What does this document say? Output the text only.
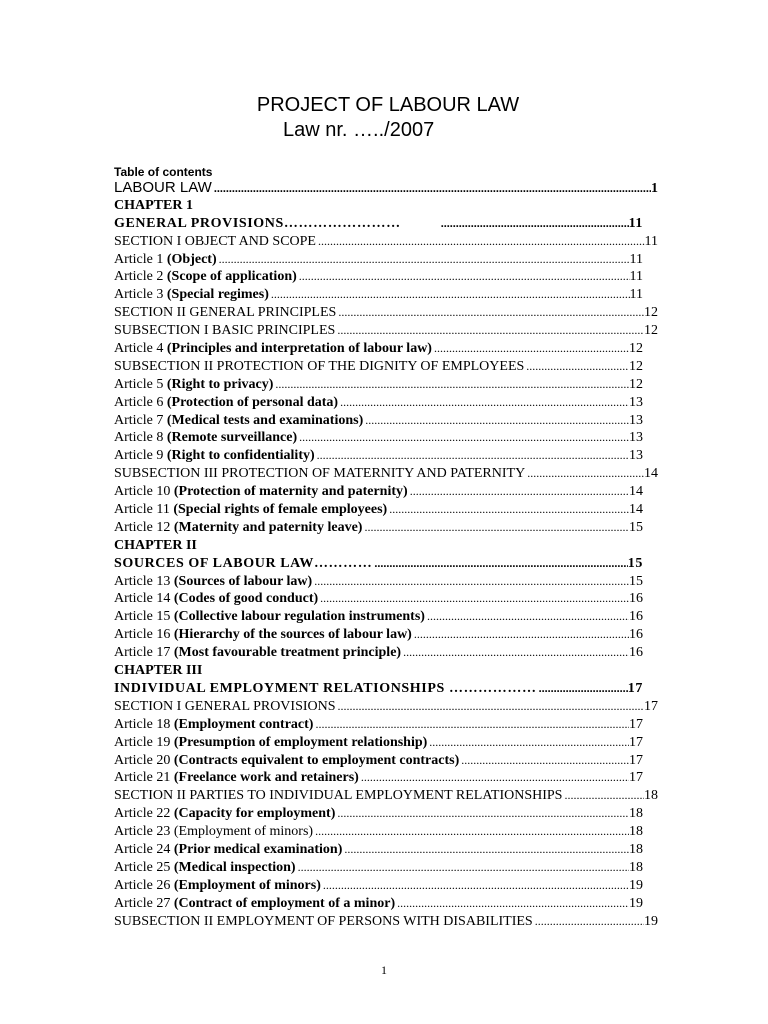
PROJECT OF LABOUR LAW
Law nr. …../2007
Table of contents
LABOUR LAW .....	1
CHAPTER 1
GENERAL PROVISIONS…………………… .....	11
SECTION I OBJECT AND SCOPE .....	11
Article 1 (Object) .....	11
Article 2 (Scope of application) .....	11
Article 3 (Special regimes) .....	11
SECTION II GENERAL PRINCIPLES .....	12
SUBSECTION I BASIC PRINCIPLES .....	12
Article 4 (Principles and interpretation of labour law) .....	12
SUBSECTION II PROTECTION OF THE DIGNITY OF EMPLOYEES .....	12
Article 5 (Right to privacy) .....	12
Article 6 (Protection of personal data) .....	13
Article 7 (Medical tests and examinations) .....	13
Article 8 (Remote surveillance) .....	13
Article 9 (Right to confidentiality) .....	13
SUBSECTION III PROTECTION OF MATERNITY AND PATERNITY .....	14
Article 10 (Protection of maternity and paternity) .....	14
Article 11 (Special rights of female employees) .....	14
Article 12 (Maternity and paternity leave) .....	15
CHAPTER II
SOURCES OF LABOUR LAW………… .....	15
Article 13 (Sources of labour law) .....	15
Article 14 (Codes of good conduct) .....	16
Article 15 (Collective labour regulation instruments) .....	16
Article 16 (Hierarchy of the sources of labour law) .....	16
Article 17 (Most favourable treatment principle) .....	16
CHAPTER III
INDIVIDUAL EMPLOYMENT RELATIONSHIPS ……………… .....	17
SECTION I GENERAL PROVISIONS .....	17
Article 18 (Employment contract) .....	17
Article 19 (Presumption of employment relationship) .....	17
Article 20 (Contracts equivalent to employment contracts) .....	17
Article 21 (Freelance work and retainers) .....	17
SECTION II PARTIES TO INDIVIDUAL EMPLOYMENT RELATIONSHIPS .....	18
Article 22 (Capacity for employment) .....	18
Article 23 (Employment of minors) .....	18
Article 24 (Prior medical examination) .....	18
Article 25 (Medical inspection) .....	18
Article 26 (Employment of minors) .....	19
Article 27 (Contract of employment of a minor) .....	19
SUBSECTION II EMPLOYMENT OF PERSONS WITH DISABILITIES .....	19
1
